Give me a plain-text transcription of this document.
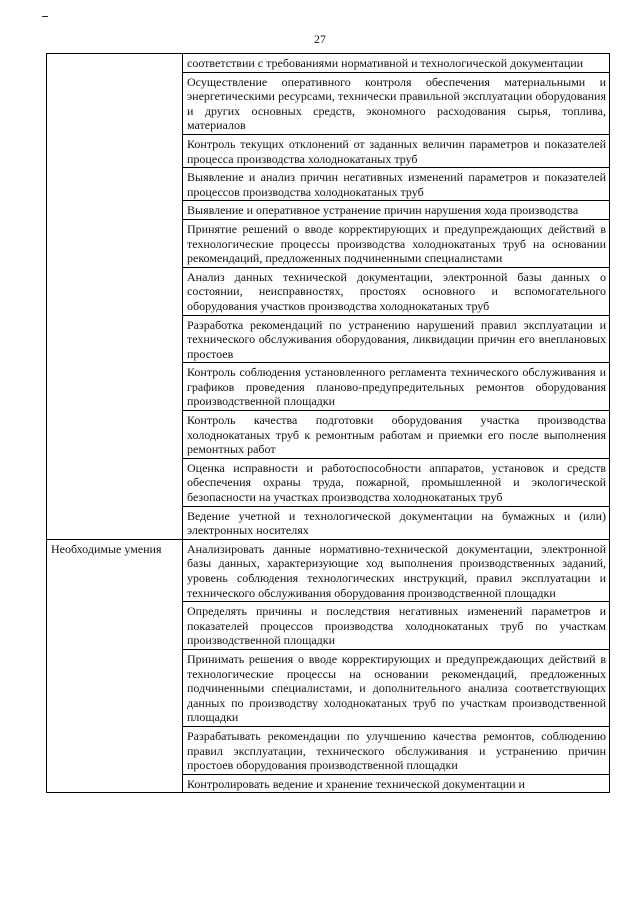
27
	соответствии с требованиями нормативной и технологической документации
	Осуществление оперативного контроля обеспечения материальными и энергетическими ресурсами, технически правильной эксплуатации оборудования и других основных средств, экономного расходования сырья, топлива, материалов
	Контроль текущих отклонений от заданных величин параметров и показателей процесса производства холоднокатаных труб
	Выявление и анализ причин негативных изменений параметров и показателей процессов производства холоднокатаных труб
	Выявление и оперативное устранение причин нарушения хода производства
	Принятие решений о вводе корректирующих и предупреждающих действий в технологические процессы производства холоднокатаных труб на основании рекомендаций, предложенных подчиненными специалистами
	Анализ данных технической документации, электронной базы данных о состоянии, неисправностях, простоях основного и вспомогательного оборудования участков производства холоднокатаных труб
	Разработка рекомендаций по устранению нарушений правил эксплуатации и технического обслуживания оборудования, ликвидации причин его внеплановых простоев
	Контроль соблюдения установленного регламента технического обслуживания и графиков проведения планово-предупредительных ремонтов оборудования производственной площадки
	Контроль качества подготовки оборудования участка производства холоднокатаных труб к ремонтным работам и приемки его после выполнения ремонтных работ
	Оценка исправности и работоспособности аппаратов, установок и средств обеспечения охраны труда, пожарной, промышленной и экологической безопасности на участках производства холоднокатаных труб
	Ведение учетной и технологической документации на бумажных и (или) электронных носителях
Необходимые умения	Анализировать данные нормативно-технической документации, электронной базы данных, характеризующие ход выполнения производственных заданий, уровень соблюдения технологических инструкций, правил эксплуатации и технического обслуживания оборудования производственной площадки
	Определять причины и последствия негативных изменений параметров и показателей процессов производства холоднокатаных труб по участкам производственной площадки
	Принимать решения о вводе корректирующих и предупреждающих действий в технологические процессы на основании рекомендаций, предложенных подчиненными специалистами, и дополнительного анализа соответствующих данных по производству холоднокатаных труб по участкам производственной площадки
	Разрабатывать рекомендации по улучшению качества ремонтов, соблюдению правил эксплуатации, технического обслуживания и устранению причин простоев оборудования производственной площадки
	Контролировать ведение и хранение технической документации и
